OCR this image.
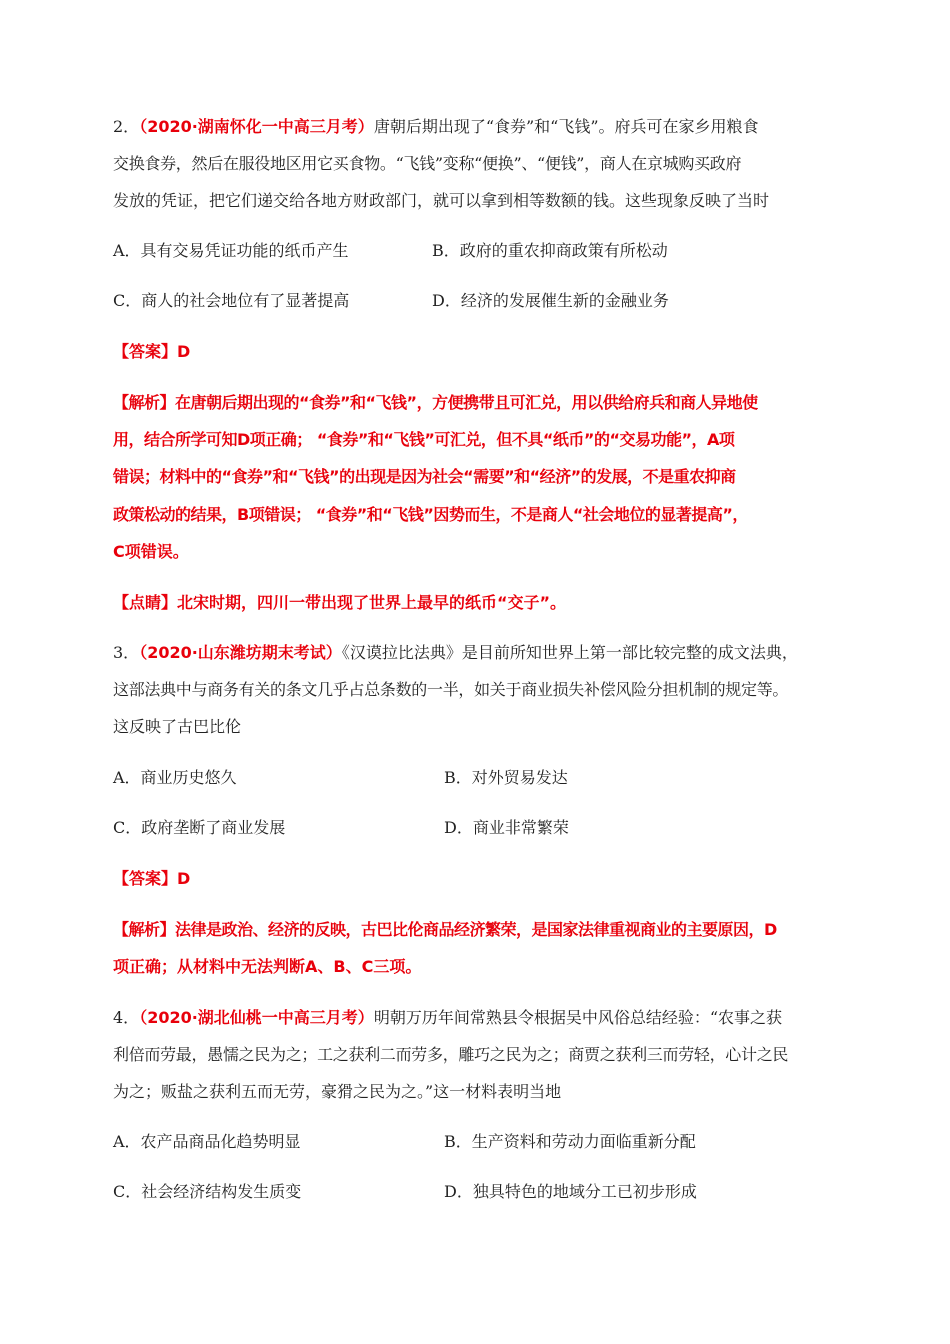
2．（2020·湖南怀化一中高三月考）唐朝后期出现了“食券”和“飞钱”。府兵可在家乡用粮食
交换食券，然后在服役地区用它买食物。“飞钱”变称“便换”、“便钱”，商人在京城购买政府
发放的凭证，把它们递交给各地方财政部门，就可以拿到相等数额的钱。这些现象反映了当时
A．具有交易凭证功能的纸币产生	B．政府的重农抑商政策有所松动
C．商人的社会地位有了显著提高	D．经济的发展催生新的金融业务
【答案】D
【解析】在唐朝后期出现的“食券”和“飞钱”，方便携带且可汇兑，用以供给府兵和商人异地使
用，结合所学可知D项正确； “食券”和“飞钱”可汇兑，但不具“纸币”的“交易功能”，A项
错误；材料中的“食券”和“飞钱”的出现是因为社会“需要”和“经济”的发展，不是重农抑商
政策松动的结果，B项错误； “食券”和“飞钱”因势而生，不是商人“社会地位的显著提高”，
C项错误。
【点睛】北宋时期，四川一带出现了世界上最早的纸币“交子”。
3．（2020·山东潍坊期末考试）《汉谟拉比法典》是目前所知世界上第一部比较完整的成文法典，
这部法典中与商务有关的条文几乎占总条数的一半，如关于商业损失补偿风险分担机制的规定等。
这反映了古巴比伦
A．商业历史悠久	B．对外贸易发达
C．政府垄断了商业发展	D．商业非常繁荣
【答案】D
【解析】法律是政治、经济的反映，古巴比伦商品经济繁荣，是国家法律重视商业的主要原因，D
项正确；从材料中无法判断A、B、C三项。
4．（2020·湖北仙桃一中高三月考）明朝万历年间常熟县令根据吴中风俗总结经验：“农事之获
利倍而劳最，愚懦之民为之；工之获利二而劳多，雕巧之民为之；商贾之获利三而劳轻，心计之民
为之；贩盐之获利五而无劳，豪猾之民为之。”这一材料表明当地
A．农产品商品化趋势明显	B．生产资料和劳动力面临重新分配
C．社会经济结构发生质变	D．独具特色的地域分工已初步形成
